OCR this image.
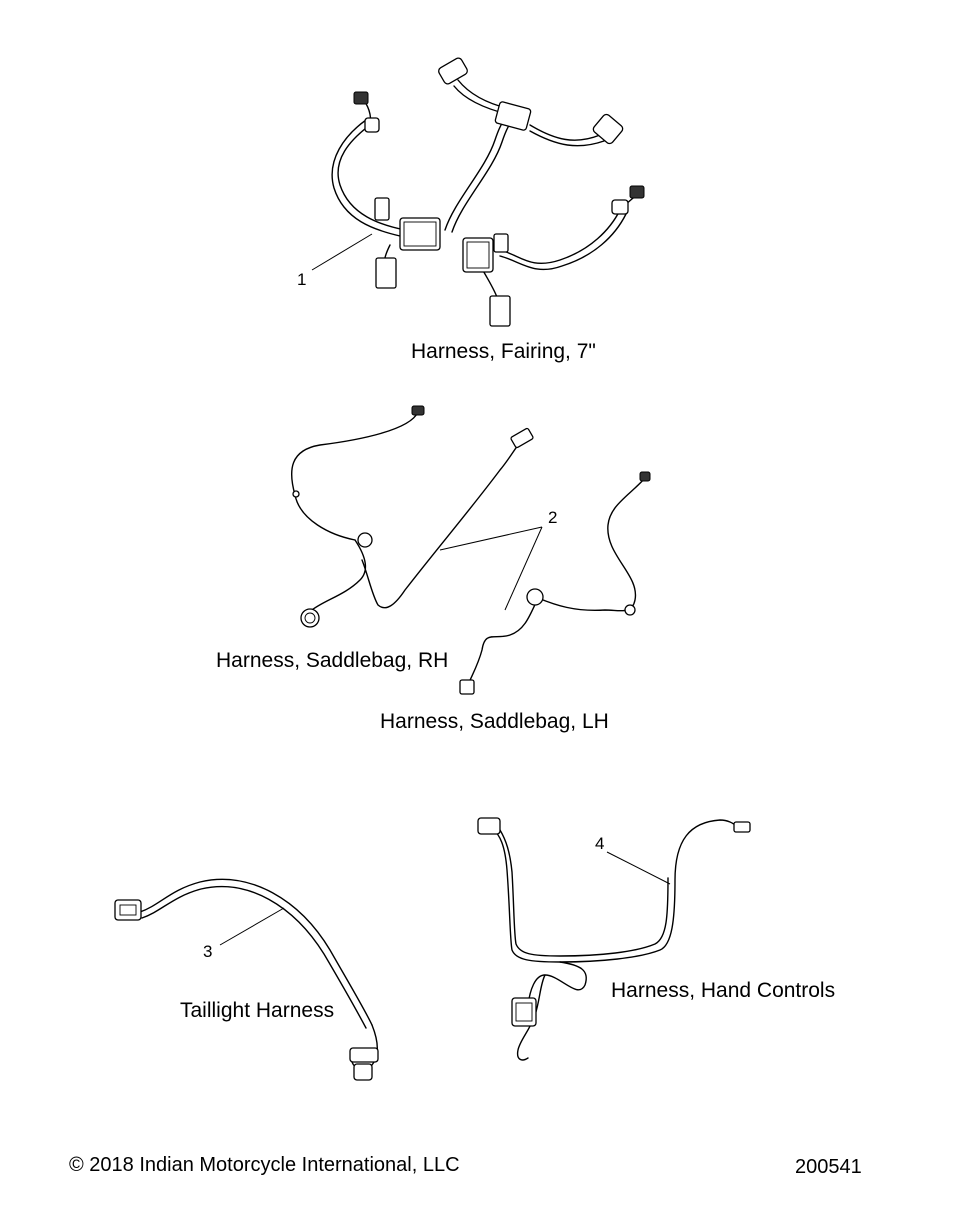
1
2
3
4
Harness, Fairing, 7"
Harness, Saddlebag, RH
Harness, Saddlebag, LH
Taillight Harness
Harness, Hand Controls
© 2018 Indian Motorcycle International, LLC	200541
